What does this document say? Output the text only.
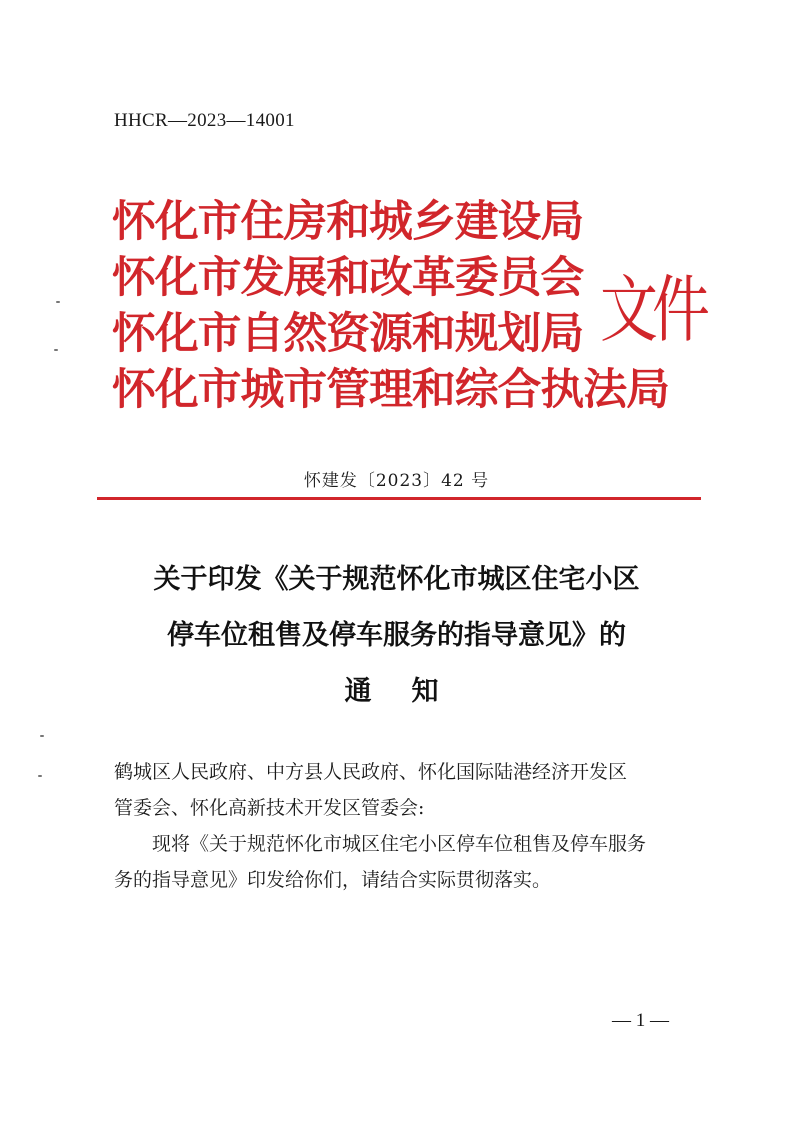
HHCR—2023—14001
怀化市住房和城乡建设局
怀化市发展和改革委员会
怀化市自然资源和规划局
怀化市城市管理和综合执法局
文件
怀建发〔2023〕42 号
关于印发《关于规范怀化市城区住宅小区
停车位租售及停车服务的指导意见》的
通知

鹤城区人民政府、中方县人民政府、怀化国际陆港经济开发区

管委会、怀化高新技术开发区管委会:

现将《关于规范怀化市城区住宅小区停车位租售及停车服务

务的指导意见》印发给你们，请结合实际贯彻落实。

— 1 —
